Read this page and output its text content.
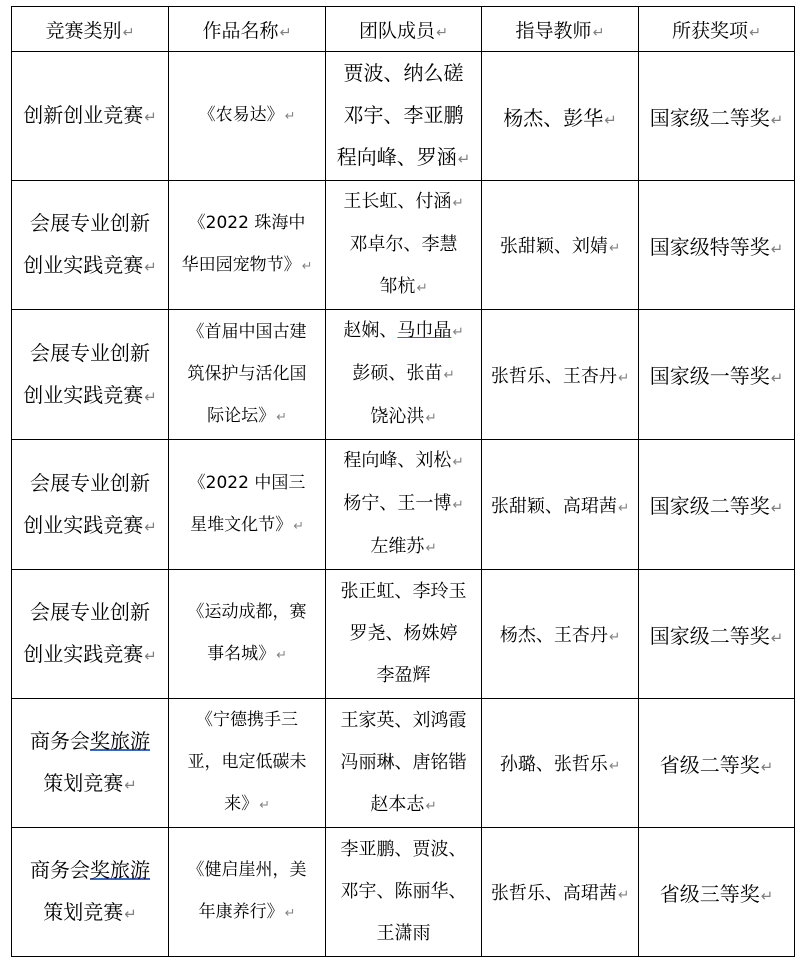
竞赛类别↵	作品名称↵	团队成员↵	指导教师↵	所获奖项↵

创新创业竞赛↵	《农易达》↵	贾波、纳么磋
邓宇、李亚鹏
程向峰、罗涵↵	杨杰、彭华↵	国家级二等奖↵

会展专业创新
创业实践竞赛↵	《2022 珠海中
华田园宠物节》↵	王长虹、付涵↵
邓卓尔、李慧
邹杭↵	张甜颖、刘婧↵	国家级特等奖↵

会展专业创新
创业实践竞赛↵	《首届中国古建
筑保护与活化国
际论坛》↵	赵娴、马巾晶↵
彭硕、张苗↵
饶沁洪↵	张哲乐、王杏丹↵	国家级一等奖↵

会展专业创新
创业实践竞赛↵	《2022 中国三
星堆文化节》↵	程向峰、刘松↵
杨宁、王一博↵
左维苏↵	张甜颖、高珺茜↵	国家级二等奖↵

会展专业创新
创业实践竞赛↵	《运动成都，赛
事名城》↵	张正虹、李玲玉
罗尧、杨姝婷
李盈辉	杨杰、王杏丹↵	国家级二等奖↵

商务会奖旅游
策划竞赛↵	《宁德携手三
亚，电定低碳未
来》↵	王家英、刘鸿霞
冯丽琳、唐铭锴
赵本志↵	孙璐、张哲乐↵	省级二等奖↵

商务会奖旅游
策划竞赛↵	《健启崖州，美
年康养行》↵	李亚鹏、贾波、
邓宇、陈丽华、
王潇雨	张哲乐、高珺茜↵	省级三等奖↵
